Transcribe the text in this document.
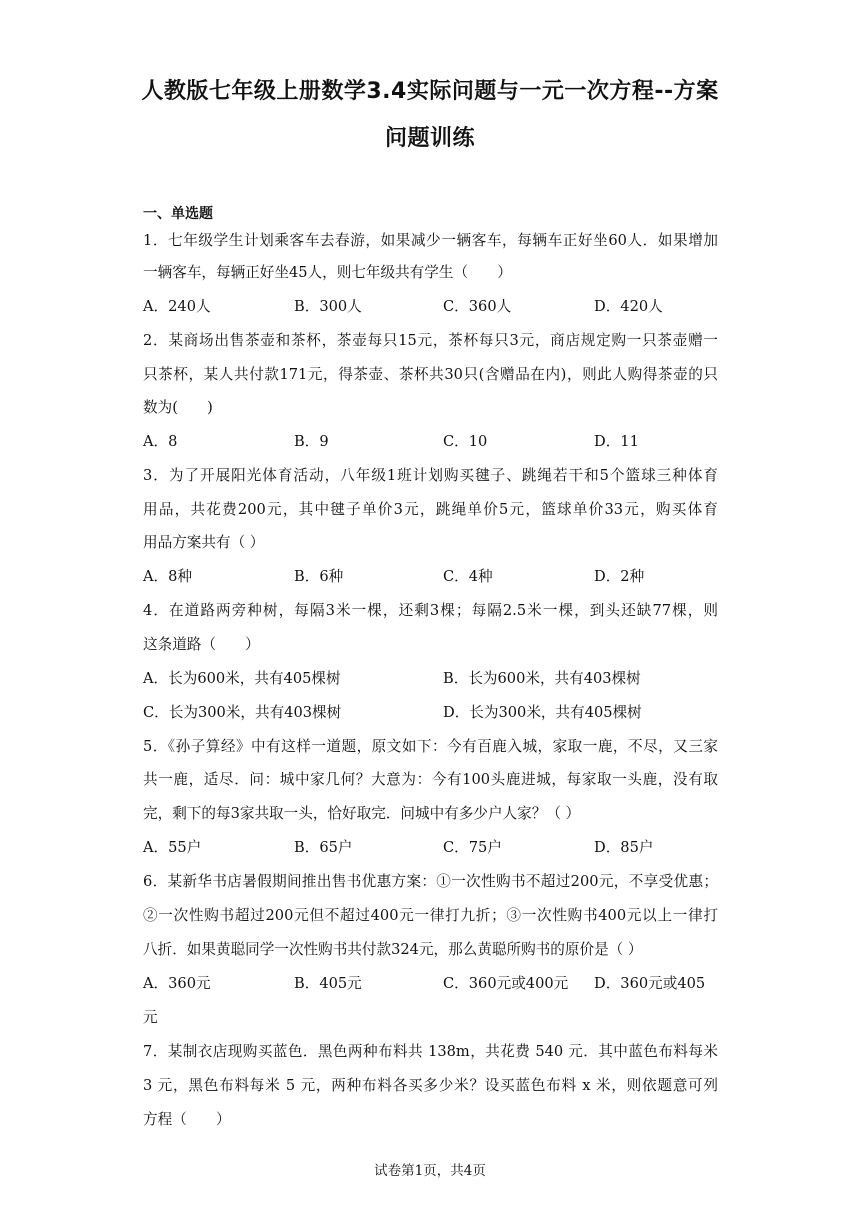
人教版七年级上册数学3.4实际问题与一元一次方程--方案
问题训练
一、单选题
1．七年级学生计划乘客车去春游，如果减少一辆客车，每辆车正好坐60人．如果增加
一辆客车，每辆正好坐45人，则七年级共有学生（　　）
A．240人	B．300人	C．360人	D．420人
2．某商场出售茶壶和茶杯，茶壶每只15元，茶杯每只3元，商店规定购一只茶壶赠一
只茶杯，某人共付款171元，得茶壶、茶杯共30只(含赠品在内)，则此人购得茶壶的只
数为(　　)
A．8	B．9	C．10	D．11
3．为了开展阳光体育活动，八年级1班计划购买毽子、跳绳若干和5个篮球三种体育
用品，共花费200元，其中毽子单价3元，跳绳单价5元，篮球单价33元，购买体育
用品方案共有（ ）
A．8种	B．6种	C．4种	D．2种
4．在道路两旁种树，每隔3米一棵，还剩3棵；每隔2.5米一棵，到头还缺77棵，则
这条道路（　　）
A．长为600米，共有405棵树	B．长为600米，共有403棵树
C．长为300米，共有403棵树	D．长为300米，共有405棵树
5．《孙子算经》中有这样一道题，原文如下：今有百鹿入城，家取一鹿，不尽，又三家
共一鹿，适尽．问：城中家几何？大意为：今有100头鹿进城，每家取一头鹿，没有取
完，剩下的每3家共取一头，恰好取完．问城中有多少户人家？（ ）
A．55户	B．65户	C．75户	D．85户
6．某新华书店暑假期间推出售书优惠方案：①一次性购书不超过200元，不享受优惠；
②一次性购书超过200元但不超过400元一律打九折；③一次性购书400元以上一律打
八折．如果黄聪同学一次性购书共付款324元，那么黄聪所购书的原价是（ ）
A．360元	B．405元	C．360元或400元 D．360元或405
元
7．某制衣店现购买蓝色．黑色两种布料共 138m，共花费 540 元．其中蓝色布料每米
3 元，黑色布料每米 5 元，两种布料各买多少米？设买蓝色布料 x 米，则依题意可列
方程（　　）
试卷第1页，共4页
